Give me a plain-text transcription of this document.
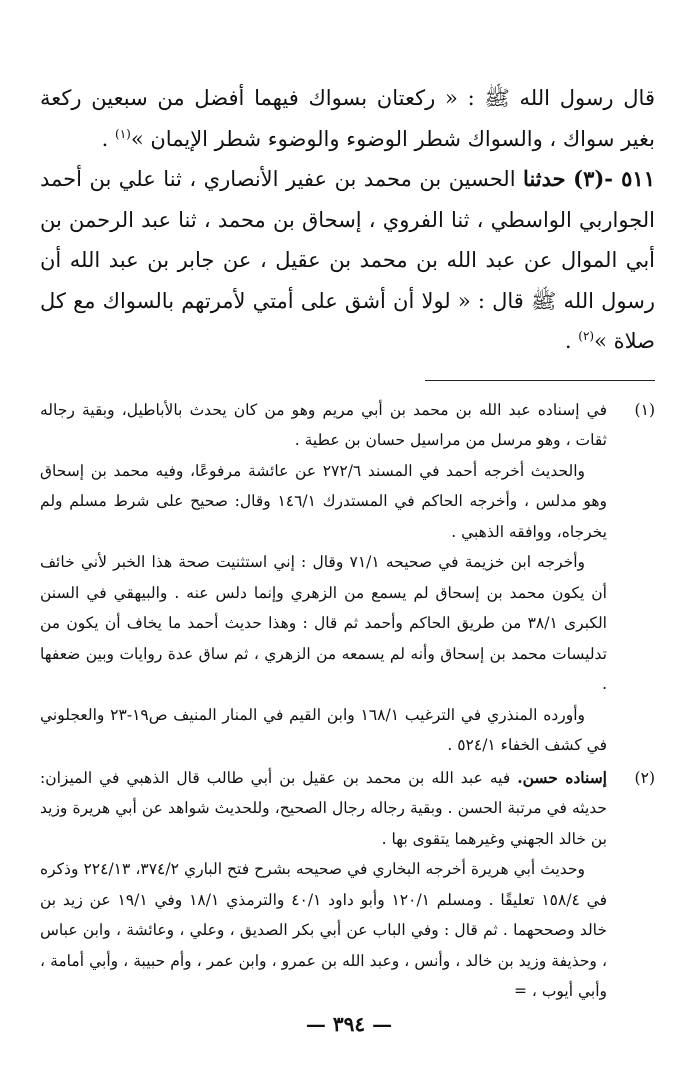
قال رسول الله ﷺ : « ركعتان بسواك فيهما أفضل من سبعين ركعة بغير سواك ، والسواك شطر الوضوء والوضوء شطر الإيمان »$^{(١)}$ .

٥١١ -(٣) حدثنا الحسين بن محمد بن عفير الأنصاري ، ثنا علي بن أحمد الجواربي الواسطي ، ثنا الفروي ، إسحاق بن محمد ، ثنا عبد الرحمن بن أبي الموال عن عبد الله بن محمد بن عقيل ، عن جابر بن عبد الله أن رسول الله ﷺ قال : « لولا أن أشق على أمتي لأمرتهم بالسواك مع كل صلاة »$^{(٢)}$ .

(١)

في إسناده عبد الله بن محمد بن أبي مريم وهو من كان يحدث بالأباطيل، وبقية رجاله ثقات ، وهو مرسل من مراسيل حسان بن عطية .

والحديث أخرجه أحمد في المسند ٢٧٢/٦ عن عائشة مرفوعًا، وفيه محمد بن إسحاق وهو مدلس ، وأخرجه الحاكم في المستدرك ١٤٦/١ وقال: صحيح على شرط مسلم ولم يخرجاه، ووافقه الذهبي .

وأخرجه ابن خزيمة في صحيحه ٧١/١ وقال : إني استثنيت صحة هذا الخبر لأني خائف أن يكون محمد بن إسحاق لم يسمع من الزهري وإنما دلس عنه . والبيهقي في السنن الكبرى ٣٨/١ من طريق الحاكم وأحمد ثم قال : وهذا حديث أحمد ما يخاف أن يكون من تدليسات محمد بن إسحاق وأنه لم يسمعه من الزهري ، ثم ساق عدة روايات وبين ضعفها .

وأورده المنذري في الترغيب ١٦٨/١ وابن القيم في المنار المنيف ص١٩-٢٣ والعجلوني في كشف الخفاء ٥٢٤/١ .

(٢)

إسناده حسن. فيه عبد الله بن محمد بن عقيل بن أبي طالب قال الذهبي في الميزان: حديثه في مرتبة الحسن . وبقية رجاله رجال الصحيح، وللحديث شواهد عن أبي هريرة وزيد بن خالد الجهني وغيرهما يتقوى بها .

وحديث أبي هريرة أخرجه البخاري في صحيحه بشرح فتح الباري ٣٧٤/٢، ٢٢٤/١٣ وذكره في ١٥٨/٤ تعليقًا . ومسلم ١٢٠/١ وأبو داود ٤٠/١ والترمذي ١٨/١ وفي ١٩/١ عن زيد بن خالد وصححهما . ثم قال : وفي الباب عن أبي بكر الصديق ، وعلي ، وعائشة ، وابن عباس ، وحذيفة وزيد بن خالد ، وأنس ، وعبد الله بن عمرو ، وابن عمر ، وأم حبيبة ، وأبي أمامة ، وأبي أيوب ، =

— ٣٩٤ —
